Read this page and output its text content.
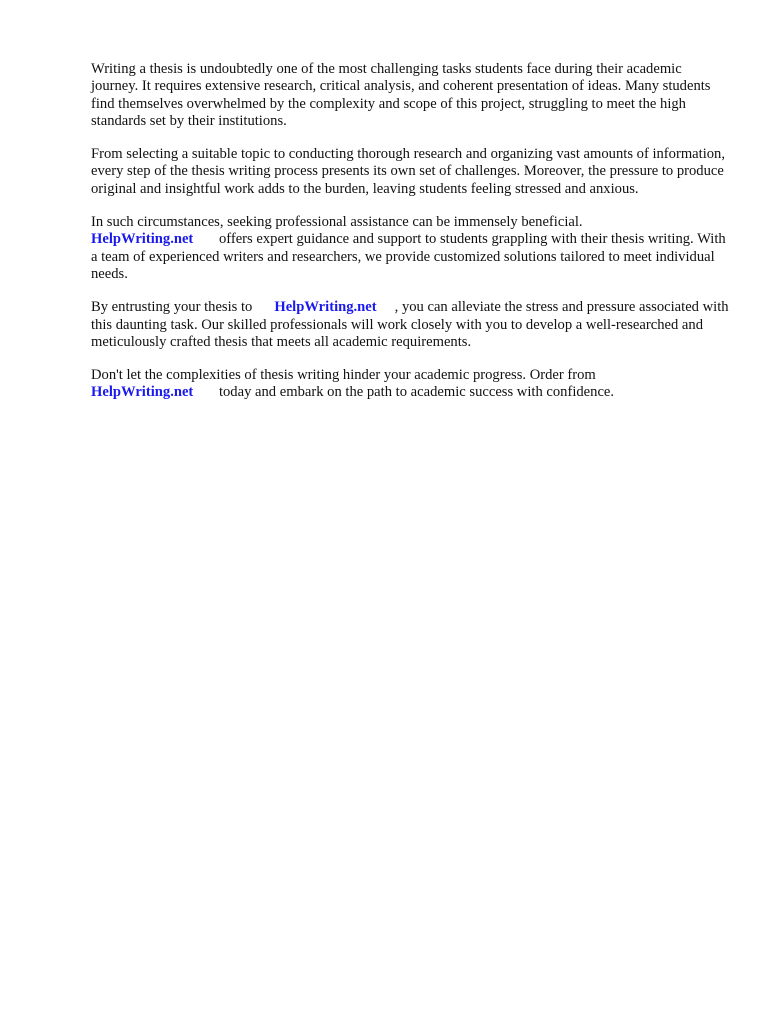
Writing a thesis is undoubtedly one of the most challenging tasks students face during their academic journey. It requires extensive research, critical analysis, and coherent presentation of ideas. Many students find themselves overwhelmed by the complexity and scope of this project, struggling to meet the high standards set by their institutions.

From selecting a suitable topic to conducting thorough research and organizing vast amounts of information, every step of the thesis writing process presents its own set of challenges. Moreover, the pressure to produce original and insightful work adds to the burden, leaving students feeling stressed and anxious.

In such circumstances, seeking professional assistance can be immensely beneficial.
HelpWriting.net offers expert guidance and support to students grappling with their thesis writing. With a team of experienced writers and researchers, we provide customized solutions tailored to meet individual needs.

By entrusting your thesis to HelpWriting.net , you can alleviate the stress and pressure associated with this daunting task. Our skilled professionals will work closely with you to develop a well-researched and meticulously crafted thesis that meets all academic requirements.

Don't let the complexities of thesis writing hinder your academic progress. Order from
HelpWriting.net today and embark on the path to academic success with confidence.
